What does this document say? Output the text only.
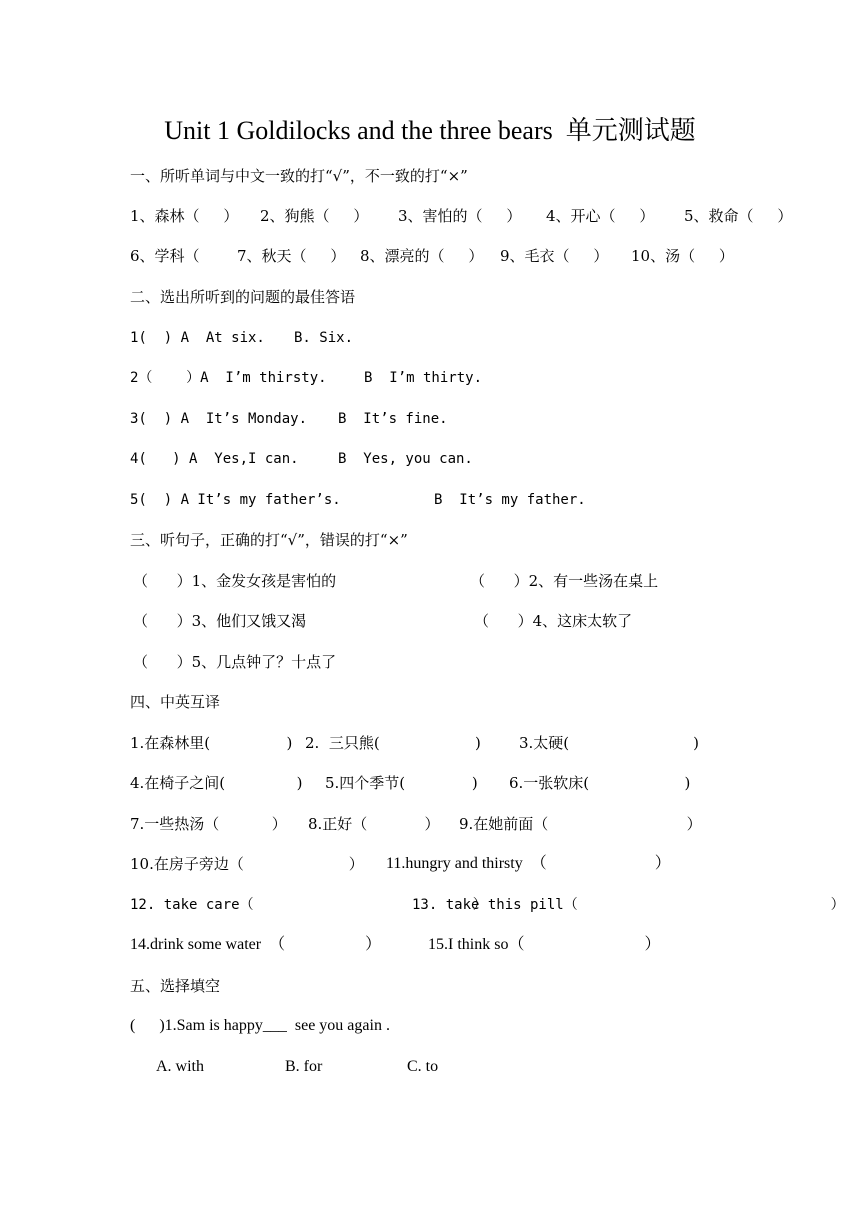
Unit 1 Goldilocks and the three bears  单元测试题
一、所听单词与中文一致的打“√”，不一致的打“×”
1、森林（     ） 2、狗熊（     ） 3、害怕的（     ） 4、开心（     ） 5、救命（     ）
6、学科（ 7、秋天（     ） 8、漂亮的（     ） 9、毛衣（     ） 10、汤（     ）
二、选出所听到的问题的最佳答语
1(  ) A  At six. B. Six.
2（    ）A  I’m thirsty.	B  I’m thirty.
3(  ) A  It’s Monday. B  It’s fine.
4(   ) A  Yes,I can.	B  Yes, you can.
5(  ) A It’s my father’s.	B  It’s my father.
三、听句子，正确的打“√”，错误的打“×”
（      ）1、金发女孩是害怕的	（      ）2、有一些汤在桌上
（      ）3、他们又饿又渴	（      ）4、这床太软了
（      ）5、几点钟了？十点了
四、中英互译
1.在森林里(                ) 2.  三只熊(                    )	3.太硬(                          )
4.在椅子之间(               ) 5.四个季节(              ) 6.一张软床(                    )
7.一些热汤（           ） 8.正好（            ） 9.在她前面（                             ）
10.在房子旁边（                      ） 11.hungry and thirsty  （                           ）
12. take care（                          ）
13. take this pill（                              ）
14.drink some water  （                    ）	15.I think so（                              ）
五、选择填空
(      )1.Sam is happy___  see you again .
A. with	B. for	C. to
